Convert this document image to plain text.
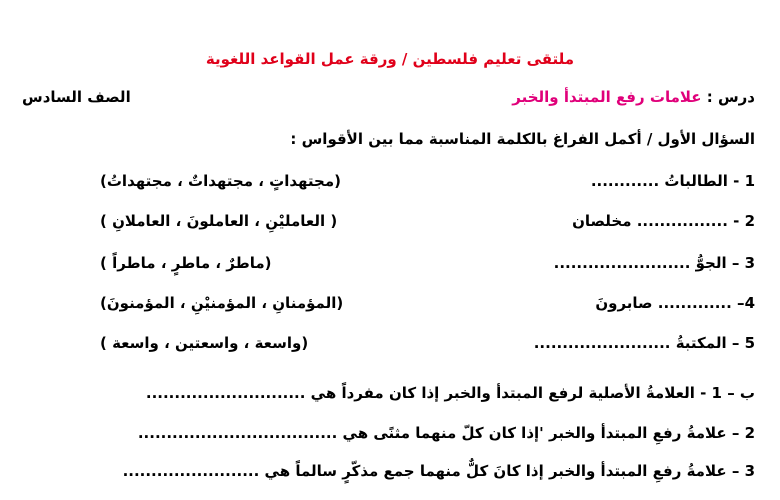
ملتقى تعليم فلسطين / ورقة عمل القواعد اللغوية
درس : علامات رفع المبتدأ والخبر
الصف السادس
السؤال الأول / أكمل الفراغ بالكلمة المناسبة مما بين الأقواس :
1 - الطالباتُ ............
(مجتهداتٍ ، مجتهداتٌ ، مجتهداتُ)
2 - ................ مخلصان
( العامليْنِ ، العاملونَ ، العاملانِ )
3 – الجوُّ ........................
(ماطرٌ ، ماطرٍ ، ماطراً )
4– ............. صابرونَ
(المؤمنانِ ، المؤمنيْنِ ، المؤمنونَ)
5 – المكتبةُ ........................
(واسعة ، واسعتين ، واسعة )
ب – 1 - العلامةُ الأصلية لرفع المبتدأ والخبر إذا كان مفرداً هي ............................
2 – علامةُ رفعِ المبتدأ والخبر 'إذا كان كلّ منهما مثنًى هي ...................................
3 – علامةُ رفعِ المبتدأ والخبر إذا كانَ كلٌّ منهما جمع مذكّرٍ سالماً هي ........................
